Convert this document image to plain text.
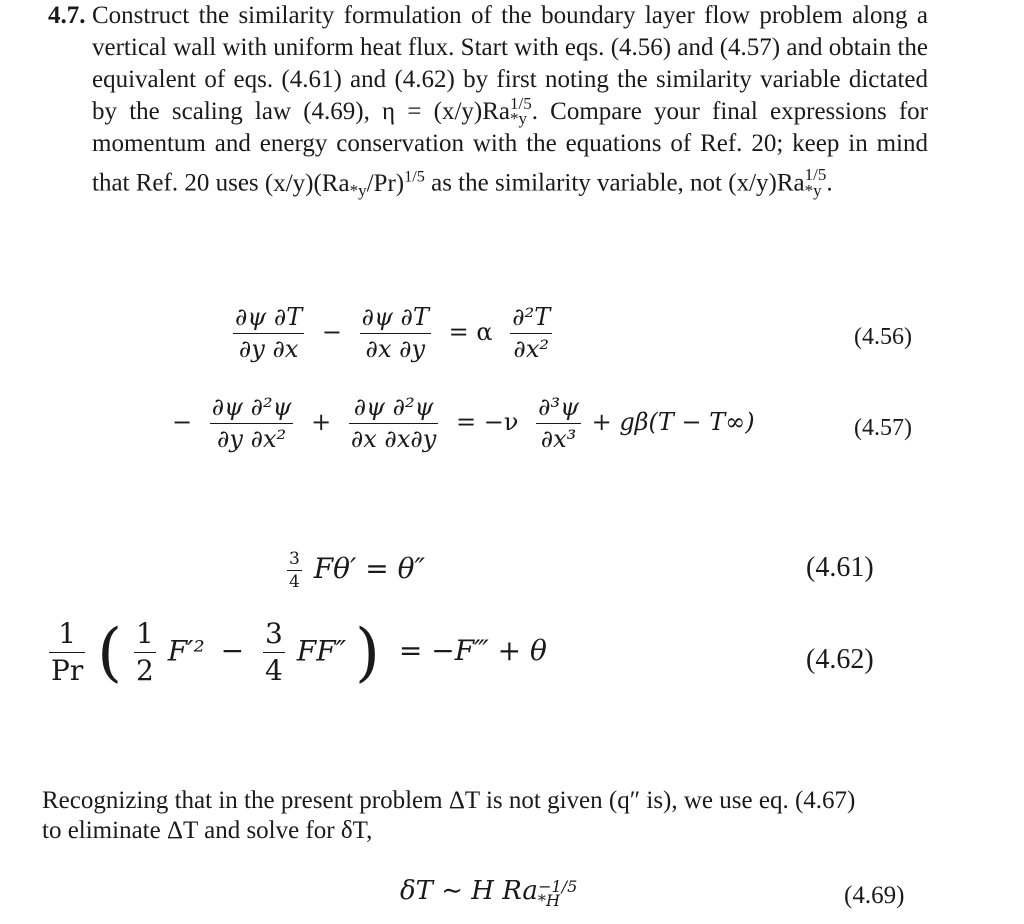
4.7. Construct the similarity formulation of the boundary layer flow problem along a vertical wall with uniform heat flux. Start with eqs. (4.56) and (4.57) and obtain the equivalent of eqs. (4.61) and (4.62) by first noting the similarity variable dictated by the scaling law (4.69), η = (x/y)Ra 1/5
*y . Compare your final expressions for momentum and energy conservation with the equations of Ref. 20; keep in mind that Ref. 20 uses (x/y)(Ra
*y /Pr)$^{1/5}$ as the similarity variable, not (x/y)Ra 1/5
*y .

$\frac{\partial\psi \partial T}{\partial y \partial x} - \frac{\partial\psi \partial T}{\partial x \partial y} = \alpha \frac{\text{∂²T}}{\text{∂x²}}$	(4.56)
− $\frac{\text{∂ψ ∂²ψ}}{\text{∂y ∂x²}} + \frac{\text{∂ψ ∂²ψ}}{\partial x \partial x\partial y} = -\nu \frac{\text{∂³ψ}}{\text{∂x³}} + g\beta(T - T\infty)$	(4.57)
$\frac{3}{4} F\theta' = \theta''$	(4.61)
$\frac{1}{Pr}$ ( $\frac{1}{2} F'^2 - \frac{3}{4} FF''$ ) = −F‴ + θ	(4.62)

Recognizing that in the present problem ΔT is not given (q″ is), we use eq. (4.67)

to eliminate ΔT and solve for δT,

δT ∼ H Ra −1/5
*H	(4.69)
